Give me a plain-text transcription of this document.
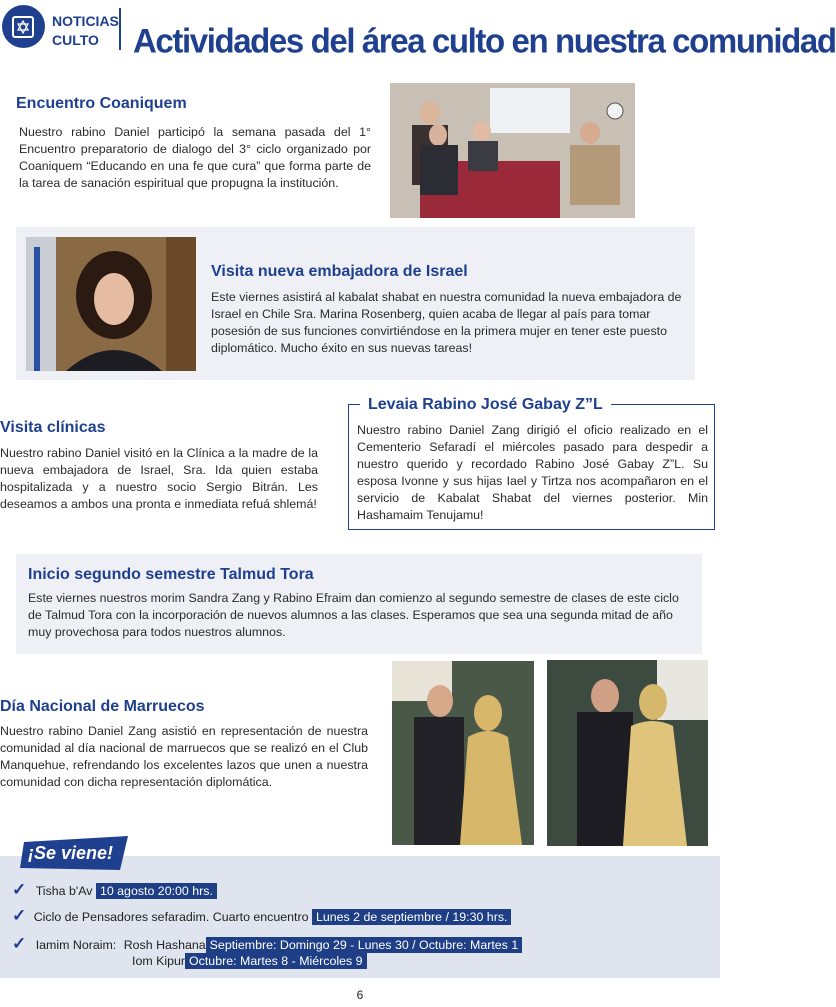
NOTICIAS
CULTO	Actividades del área culto en nuestra comunidad
Encuentro Coaniquem
Nuestro rabino Daniel participó la semana pasada del 1° Encuentro preparatorio de dialogo del 3° ciclo organizado por Coaniquem “Educando en una fe que cura” que forma parte de la tarea de sanación espiritual que propugna la institución.
Visita nueva embajadora de Israel
Este viernes asistirá al kabalat shabat en nuestra comunidad la nueva embajadora de Israel en Chile Sra. Marina Rosenberg, quien acaba de llegar al país para tomar posesión de sus funciones convirtiéndose en la primera mujer en tener este puesto diplomático. Mucho éxito en sus nuevas tareas!
Visita clínicas
Nuestro rabino Daniel visitó en la Clínica a la madre de la nueva embajadora de Israel, Sra. Ida quien estaba hospitalizada y a nuestro socio Sergio Bitrán. Les deseamos a ambos una pronta e inmediata refuá shlemá!
Levaia Rabino José Gabay Z”L
Nuestro rabino Daniel Zang dirigió el oficio realizado en el Cementerio Sefaradí el miércoles pasado para despedir a nuestro querido y recordado Rabino José Gabay Z”L. Su esposa Ivonne y sus hijas Iael y Tirtza nos acompañaron en el servicio de Kabalat Shabat del viernes posterior. Min Hashamaim Tenujamu!
Inicio segundo semestre Talmud Tora
Este viernes nuestros morim Sandra Zang y Rabino Efraim dan comienzo al segundo semestre de clases de este ciclo de Talmud Tora con la incorporación de nuevos alumnos a las clases. Esperamos que sea una segunda mitad de año muy provechosa para todos nuestros alumnos.
Día Nacional de Marruecos
Nuestro rabino Daniel Zang asistió en representación de nuestra comunidad al día nacional de marruecos que se realizó en el Club Manquehue, refrendando los excelentes lazos que unen a nuestra comunidad con dicha representación diplomática.
¡Se viene!
✓ Tisha b'Av 10 agosto 20:00 hrs.
✓ Ciclo de Pensadores sefaradim. Cuarto encuentro Lunes 2 de septiembre / 19:30 hrs.
✓ Iamim Noraim: Rosh Hashana Septiembre: Domingo 29 - Lunes 30 / Octubre: Martes 1
Iom Kipur Octubre: Martes 8 - Miércoles 9
6
